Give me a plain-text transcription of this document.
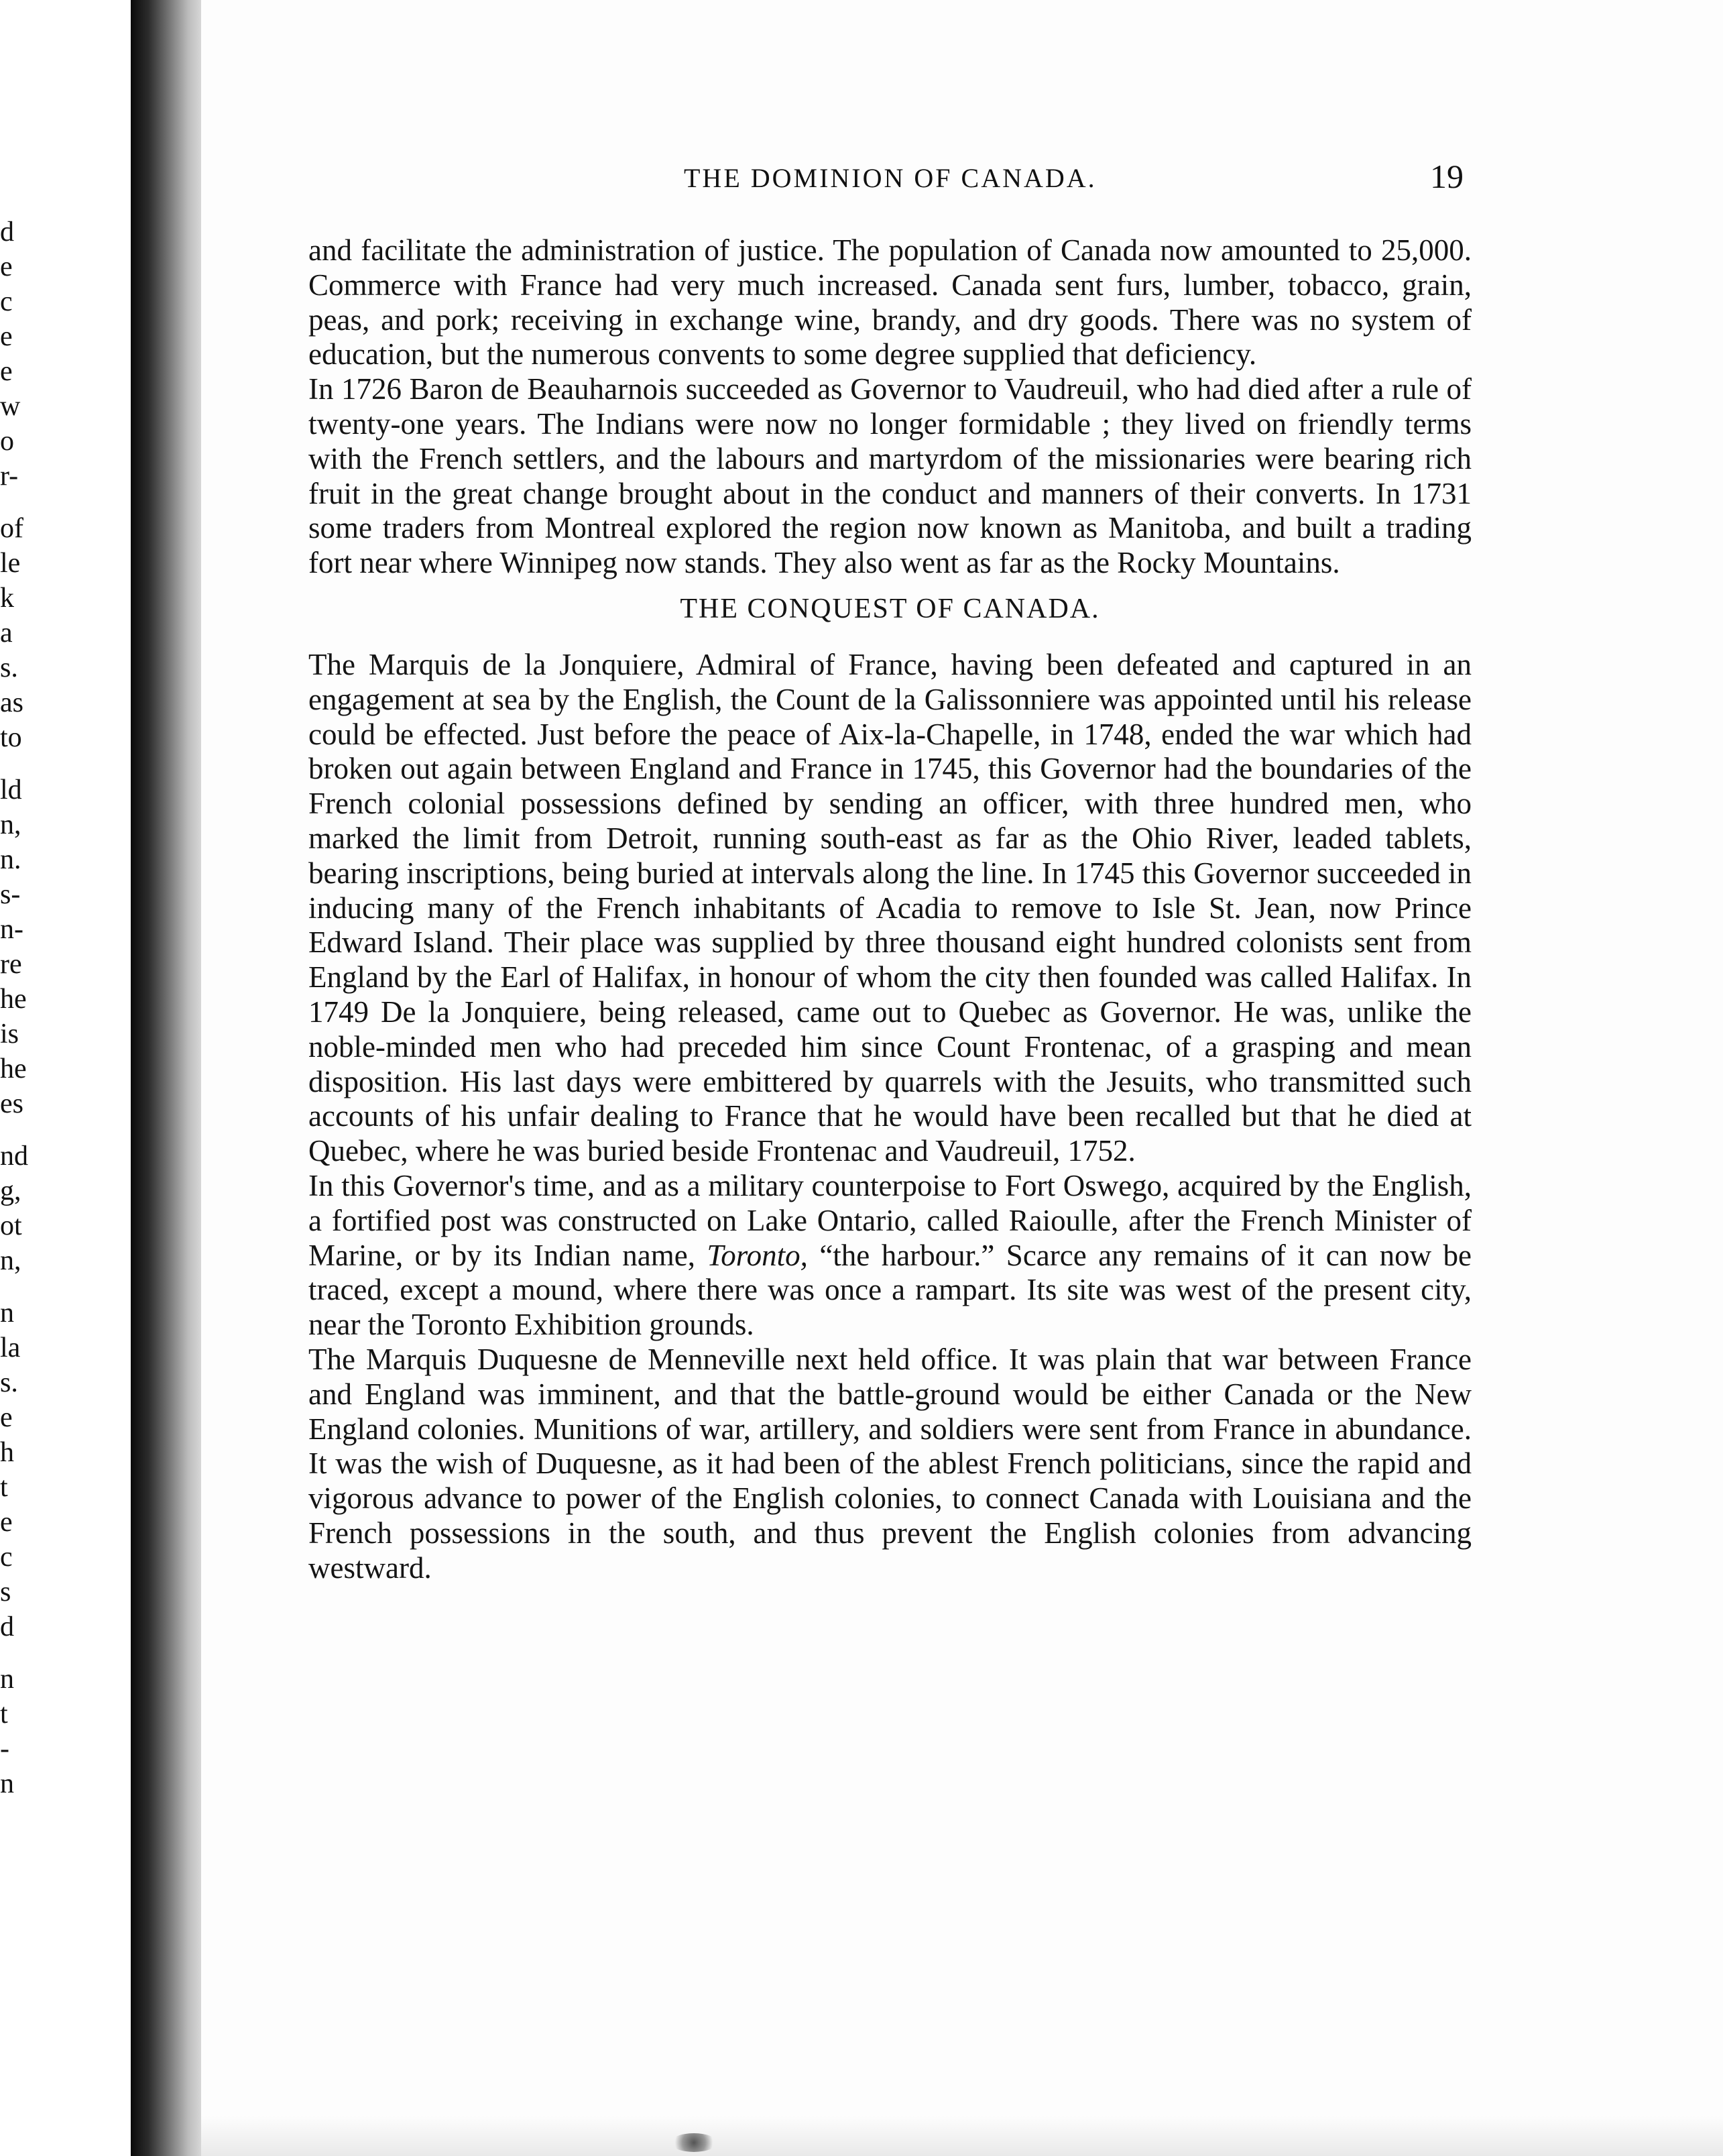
d
e
c
e
e
w
o
r-
of
le
k
a
s.
as
to
ld
n,
n.
s-
n-
re
he
is
he
es
nd
g,
ot
n,
n
la
s.
e
h
t
e
c
s
d
n
t
-
n
THE DOMINION OF CANADA.	19

and facilitate the administration of justice. The population of Canada now amounted to 25,000. Commerce with France had very much increased. Canada sent furs, lumber, tobacco, grain, peas, and pork; receiving in exchange wine, brandy, and dry goods. There was no system of education, but the numerous convents to some degree supplied that deficiency.

In 1726 Baron de Beauharnois succeeded as Governor to Vaudreuil, who had died after a rule of twenty-one years. The Indians were now no longer formidable ; they lived on friendly terms with the French settlers, and the labours and martyrdom of the missionaries were bearing rich fruit in the great change brought about in the conduct and manners of their converts. In 1731 some traders from Montreal explored the region now known as Manitoba, and built a trading fort near where Winnipeg now stands. They also went as far as the Rocky Mountains.

THE CONQUEST OF CANADA.

The Marquis de la Jonquiere, Admiral of France, having been defeated and captured in an engagement at sea by the English, the Count de la Galissonniere was appointed until his release could be effected. Just before the peace of Aix-la-Chapelle, in 1748, ended the war which had broken out again between England and France in 1745, this Governor had the boundaries of the French colonial possessions defined by sending an officer, with three hundred men, who marked the limit from Detroit, running south-east as far as the Ohio River, leaded tablets, bearing inscriptions, being buried at intervals along the line. In 1745 this Governor succeeded in inducing many of the French inhabitants of Acadia to remove to Isle St. Jean, now Prince Edward Island. Their place was supplied by three thousand eight hundred colonists sent from England by the Earl of Halifax, in honour of whom the city then founded was called Halifax. In 1749 De la Jonquiere, being released, came out to Quebec as Governor. He was, unlike the noble-minded men who had preceded him since Count Frontenac, of a grasping and mean disposition. His last days were embittered by quarrels with the Jesuits, who transmitted such accounts of his unfair dealing to France that he would have been recalled but that he died at Quebec, where he was buried beside Frontenac and Vaudreuil, 1752.

In this Governor's time, and as a military counterpoise to Fort Oswego, acquired by the English, a fortified post was constructed on Lake Ontario, called Raioulle, after the French Minister of Marine, or by its Indian name, Toronto, “the harbour.” Scarce any remains of it can now be traced, except a mound, where there was once a rampart. Its site was west of the present city, near the Toronto Exhibition grounds.

The Marquis Duquesne de Menneville next held office. It was plain that war between France and England was imminent, and that the battle-ground would be either Canada or the New England colonies. Munitions of war, artillery, and soldiers were sent from France in abundance. It was the wish of Duquesne, as it had been of the ablest French politicians, since the rapid and vigorous advance to power of the English colonies, to connect Canada with Louisiana and the French possessions in the south, and thus prevent the English colonies from advancing westward.
